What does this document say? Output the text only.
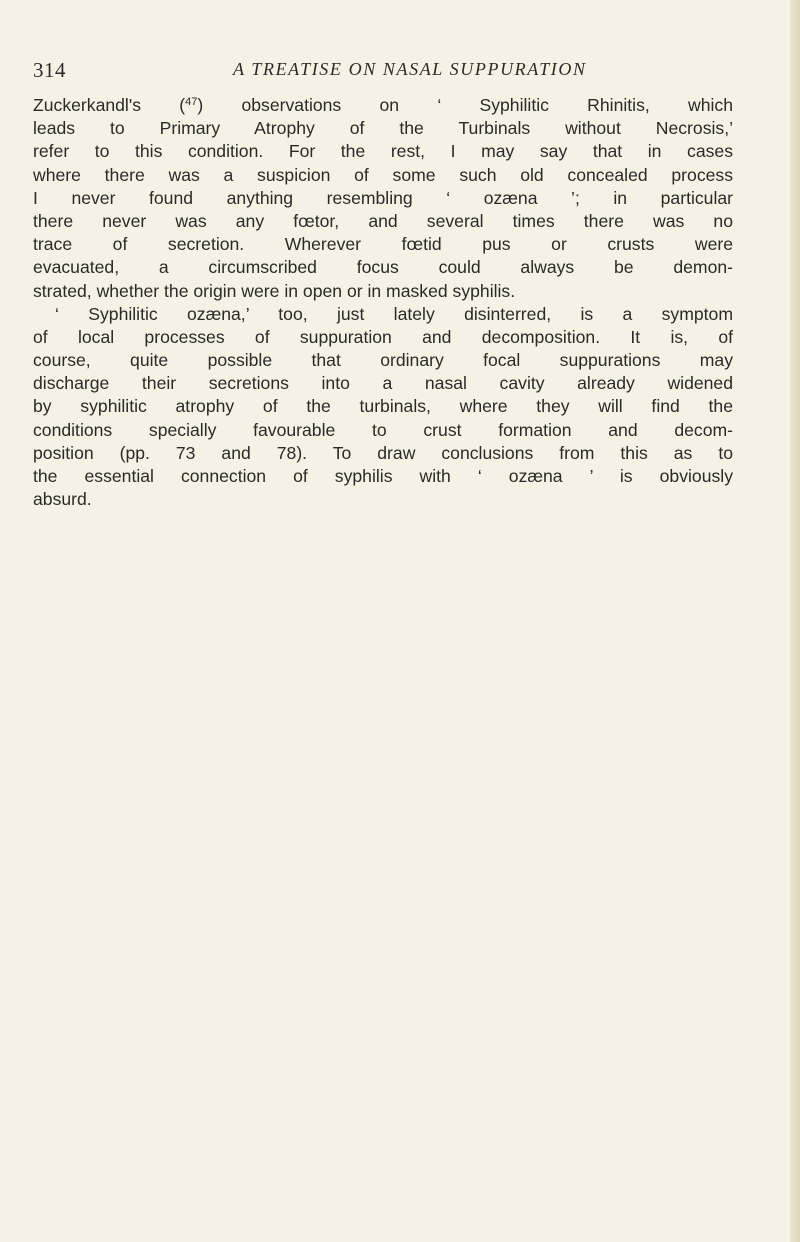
314	A TREATISE ON NASAL SUPPURATION
Zuckerkandl's ($^{47}$) observations on ‘ Syphilitic Rhinitis, which
leads to Primary Atrophy of the Turbinals without Necrosis,’
refer to this condition. For the rest, I may say that in cases
where there was a suspicion of some such old concealed process
I never found anything resembling ‘ ozæna ’; in particular
there never was any fœtor, and several times there was no
trace of secretion. Wherever fœtid pus or crusts were
evacuated, a circumscribed focus could always be demon-
strated, whether the origin were in open or in masked syphilis.
‘ Syphilitic ozæna,’ too, just lately disinterred, is a symptom
of local processes of suppuration and decomposition. It is, of
course, quite possible that ordinary focal suppurations may
discharge their secretions into a nasal cavity already widened
by syphilitic atrophy of the turbinals, where they will find the
conditions specially favourable to crust formation and decom-
position (pp. 73 and 78). To draw conclusions from this as to
the essential connection of syphilis with ‘ ozæna ’ is obviously
absurd.
